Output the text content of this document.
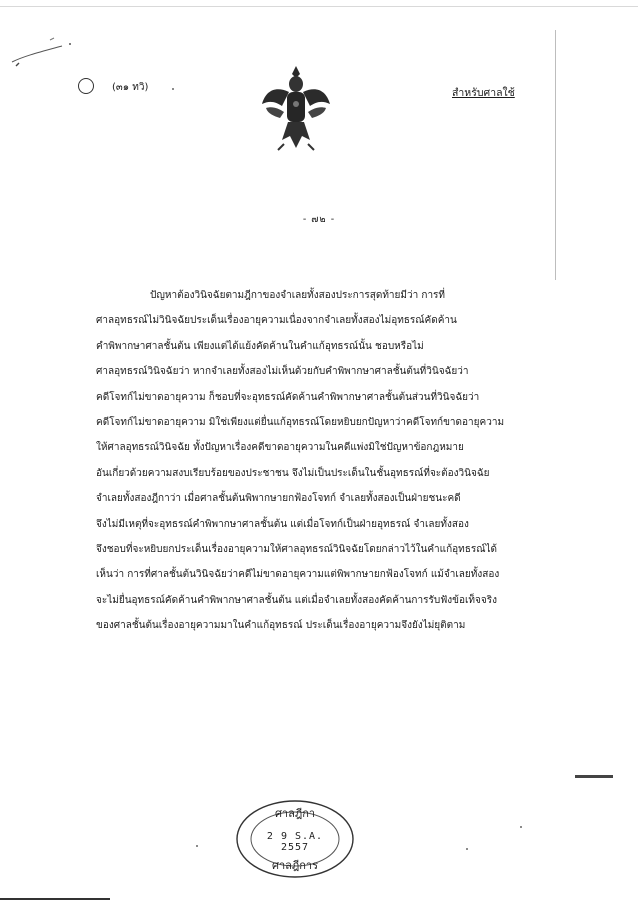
(๓๑ ทวิ)	สำหรับศาลใช้
- ๗๒ -
ปัญหาต้องวินิจฉัยตามฎีกาของจำเลยทั้งสองประการสุดท้ายมีว่า การที่
ศาลอุทธรณ์ไม่วินิจฉัยประเด็นเรื่องอายุความเนื่องจากจำเลยทั้งสองไม่อุทธรณ์คัดค้าน
คำพิพากษาศาลชั้นต้น เพียงแต่ได้แย้งคัดค้านในคำแก้อุทธรณ์นั้น ชอบหรือไม่
ศาลอุทธรณ์วินิจฉัยว่า หากจำเลยทั้งสองไม่เห็นด้วยกับคำพิพากษาศาลชั้นต้นที่วินิจฉัยว่า
คดีโจทก์ไม่ขาดอายุความ ก็ชอบที่จะอุทธรณ์คัดค้านคำพิพากษาศาลชั้นต้นส่วนที่วินิจฉัยว่า
คดีโจทก์ไม่ขาดอายุความ มิใช่เพียงแต่ยื่นแก้อุทธรณ์โดยหยิบยกปัญหาว่าคดีโจทก์ขาดอายุความ
ให้ศาลอุทธรณ์วินิจฉัย ทั้งปัญหาเรื่องคดีขาดอายุความในคดีแพ่งมิใช่ปัญหาข้อกฎหมาย
อันเกี่ยวด้วยความสงบเรียบร้อยของประชาชน จึงไม่เป็นประเด็นในชั้นอุทธรณ์ที่จะต้องวินิจฉัย
จำเลยทั้งสองฎีกาว่า เมื่อศาลชั้นต้นพิพากษายกฟ้องโจทก์ จำเลยทั้งสองเป็นฝ่ายชนะคดี
จึงไม่มีเหตุที่จะอุทธรณ์คำพิพากษาศาลชั้นต้น แต่เมื่อโจทก์เป็นฝ่ายอุทธรณ์ จำเลยทั้งสอง
จึงชอบที่จะหยิบยกประเด็นเรื่องอายุความให้ศาลอุทธรณ์วินิจฉัยโดยกล่าวไว้ในคำแก้อุทธรณ์ได้
เห็นว่า การที่ศาลชั้นต้นวินิจฉัยว่าคดีไม่ขาดอายุความแต่พิพากษายกฟ้องโจทก์ แม้จำเลยทั้งสอง
จะไม่ยื่นอุทธรณ์คัดค้านคำพิพากษาศาลชั้นต้น แต่เมื่อจำเลยทั้งสองคัดค้านการรับฟังข้อเท็จจริง
ของศาลชั้นต้นเรื่องอายุความมาในคำแก้อุทธรณ์ ประเด็นเรื่องอายุความจึงยังไม่ยุติตาม
ศาลฎีกา
ศาลฎีการ
2 9 S.A. 2557
